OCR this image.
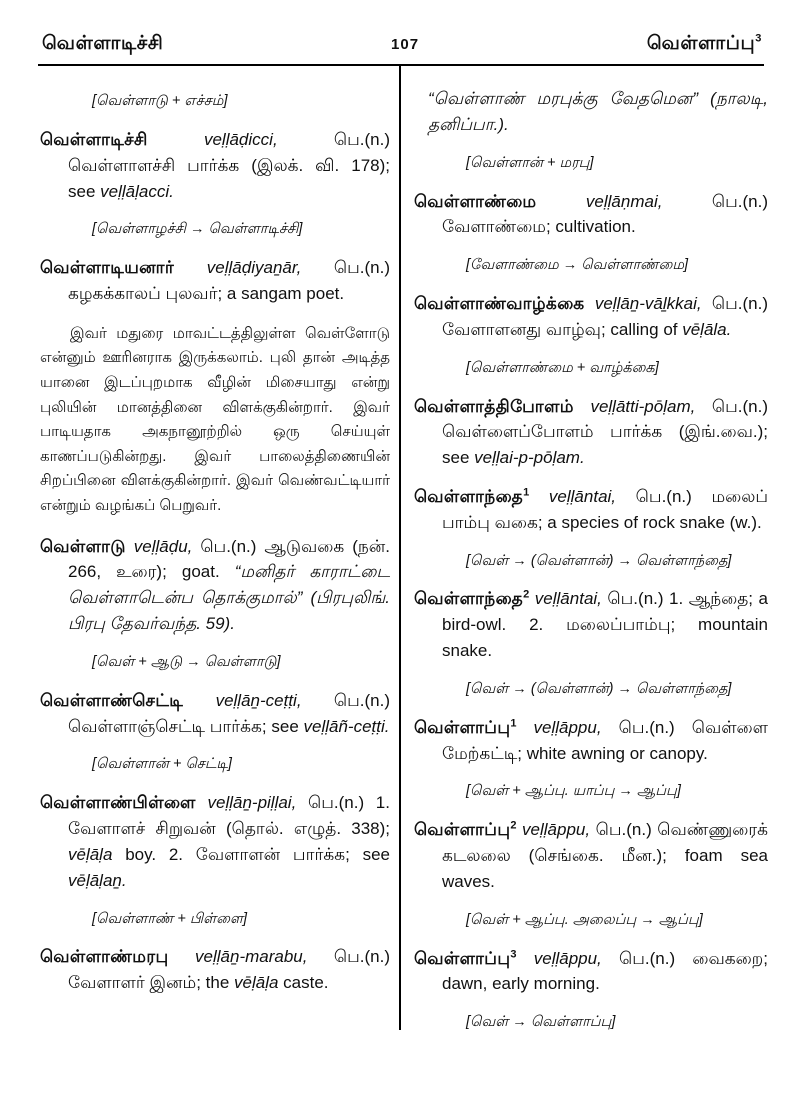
வெள்ளாடிச்சி	107	வெள்ளாப்பு$^3$
[வெள்ளாடு + எச்சம்]
வெள்ளாடிச்சி	veḷḷāḍicci, பெ.(n.) வெள்ளாளச்சி பார்க்க (இலக். வி. 178); see veḷḷāḷacci.
[வெள்ளாழச்சி → வெள்ளாடிச்சி]
வெள்ளாடியனார் veḷḷāḍiyaṉār, பெ.(n.) கழகக்காலப் புலவர்; a sangam poet.
இவர் மதுரை மாவட்டத்திலுள்ள வெள்ளோடு என்னும் ஊரினராக இருக்கலாம். புலி தான் அடித்த யானை இடப்புறமாக வீழின் மிசையாது என்று புலியின் மானத்தினை விளக்குகின்றார். இவர் பாடியதாக அகநானூற்றில் ஒரு செய்யுள் காணப்படுகின்றது. இவர் பாலைத்திணையின் சிறப்பினை விளக்குகின்றார். இவர் வெண்வட்டியார் என்றும் வழங்கப் பெறுவர்.
வெள்ளாடு veḷḷāḍu, பெ.(n.) ஆடுவகை (நன். 266, உரை); goat. “மனிதர் காராட்டை வெள்ளாடென்ப தொக்குமால்” (பிரபுலிங். பிரபு தேவர்வந்த. 59).
[வெள் + ஆடு → வெள்ளாடு]
வெள்ளாண்செட்டி veḷḷāṉ-ceṭṭi, பெ.(n.) வெள்ளாஞ்செட்டி பார்க்க; see veḷḷāñ-ceṭṭi.
[வெள்ளான் + செட்டி]
வெள்ளாண்பிள்ளை veḷḷāṉ-piḷḷai, பெ.(n.) 1. வேளாளச் சிறுவன் (தொல். எழுத். 338); vēḷāḷa boy. 2. வேளாளன் பார்க்க; see vēḷāḷaṉ.
[வெள்ளாண் + பிள்ளை]
வெள்ளாண்மரபு veḷḷāṉ-marabu, பெ.(n.) வேளாளர் இனம்; the vēḷāḷa caste.
“வெள்ளாண் மரபுக்கு வேதமென” (நாலடி, தனிப்பா.).
[வெள்ளான் + மரபு]
வெள்ளாண்மை	veḷḷāṇmai, பெ.(n.) வேளாண்மை; cultivation.
[வேளாண்மை → வெள்ளாண்மை]
வெள்ளாண்வாழ்க்கை veḷḷāṉ-vāḻkkai, பெ.(n.) வேளாளனது வாழ்வு; calling of vēḷāla.
[வெள்ளாண்மை + வாழ்க்கை]
வெள்ளாத்திபோளம் veḷḷātti-pōḷam, பெ.(n.) வெள்ளைப்போளம் பார்க்க (இங்.வை.); see veḷḷai-p-pōḷam.
வெள்ளாந்தை$^1$ veḷḷāntai, பெ.(n.) மலைப் பாம்பு வகை; a species of rock snake (w.).
[வெள் → (வெள்ளான்) → வெள்ளாந்தை]
வெள்ளாந்தை$^2$ veḷḷāntai, பெ.(n.) 1. ஆந்தை; a bird-owl. 2. மலைப்பாம்பு; mountain snake.
[வெள் → (வெள்ளான்) → வெள்ளாந்தை]
வெள்ளாப்பு$^1$ veḷḷāppu, பெ.(n.) வெள்ளை மேற்கட்டி; white awning or canopy.
[வெள் + ஆப்பு. யாப்பு → ஆப்பு]
வெள்ளாப்பு$^2$ veḷḷāppu, பெ.(n.) வெண்ணுரைக் கடலலை (செங்கை. மீன.); foam sea waves.
[வெள் + ஆப்பு. அலைப்பு → ஆப்பு]
வெள்ளாப்பு$^3$ veḷḷāppu, பெ.(n.) வைகறை; dawn, early morning.
[வெள் → வெள்ளாப்பு]
